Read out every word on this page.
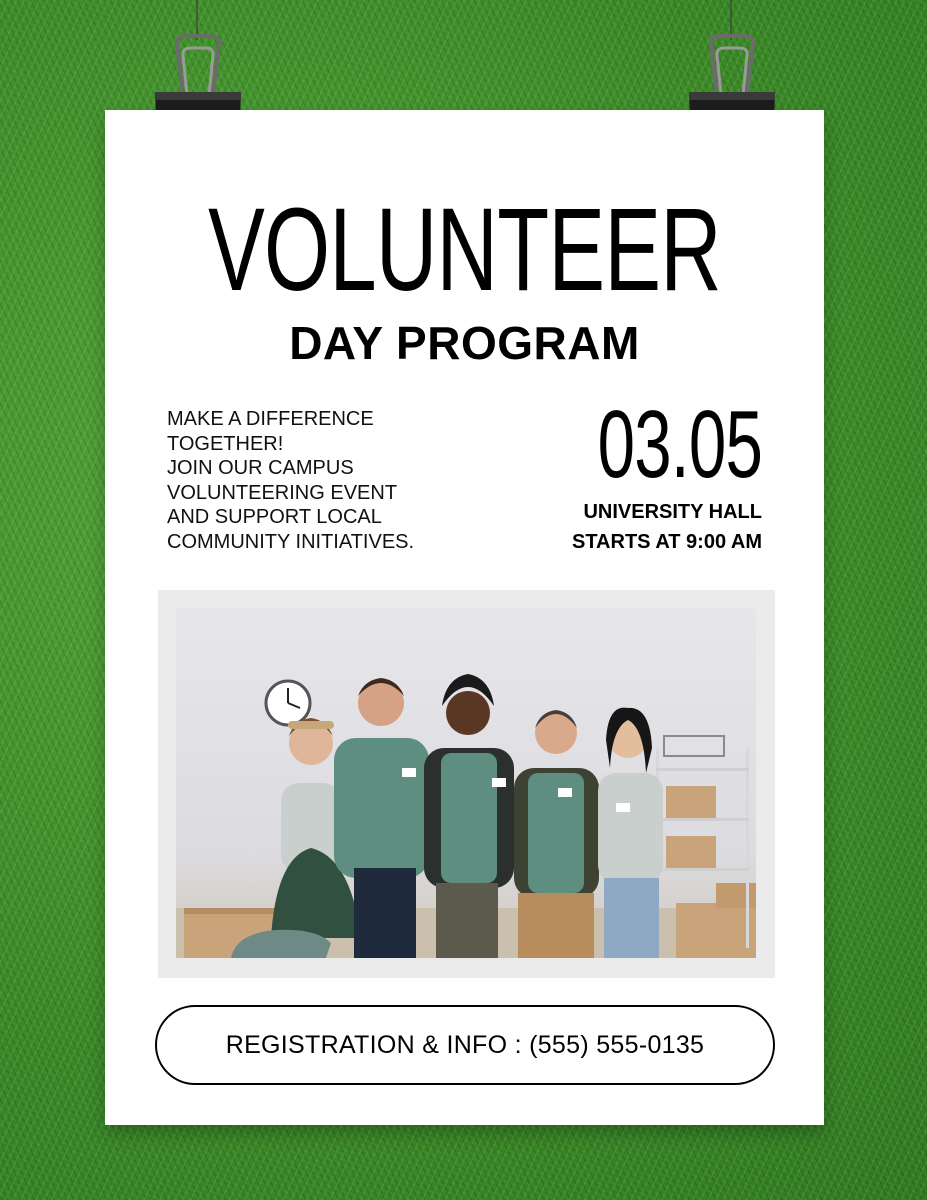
VOLUNTEER
DAY PROGRAM
MAKE A DIFFERENCE
TOGETHER!
JOIN OUR CAMPUS
VOLUNTEERING EVENT
AND SUPPORT LOCAL
COMMUNITY INITIATIVES.
03.05
UNIVERSITY HALL
STARTS AT 9:00 AM
REGISTRATION & INFO : (555) 555-0135
